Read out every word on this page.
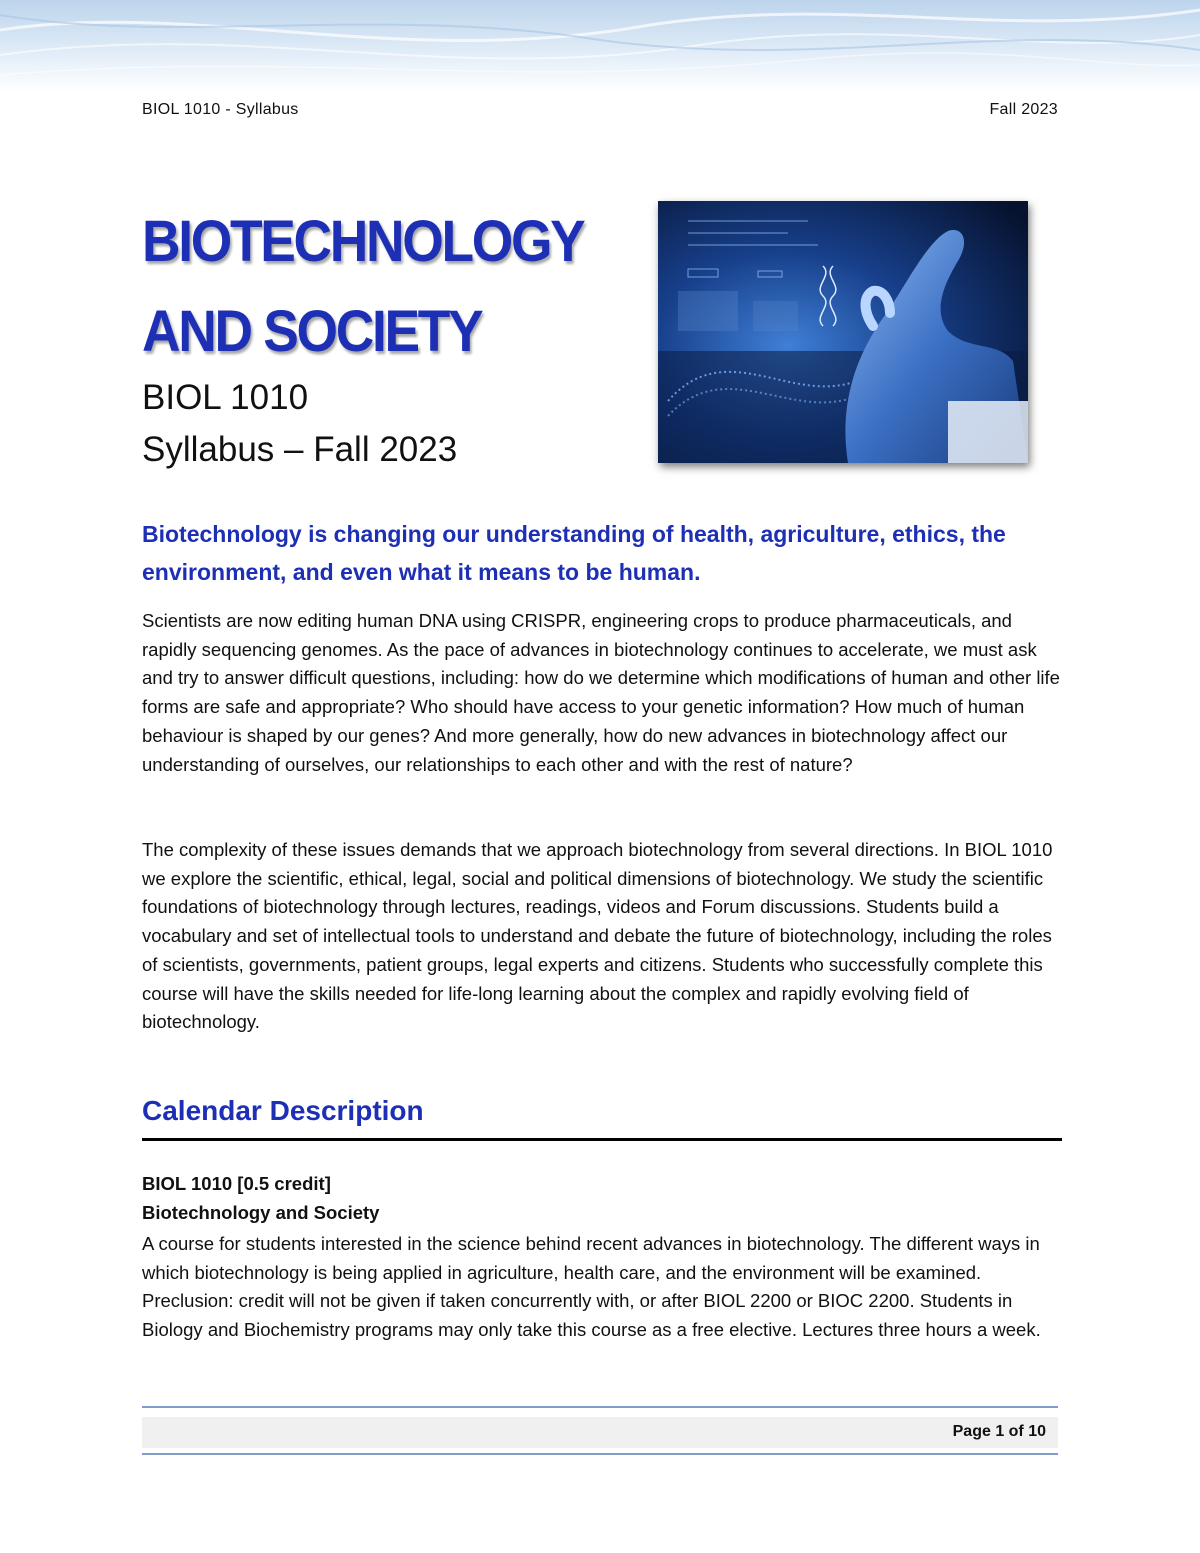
BIOL 1010 - Syllabus	Fall 2023
BIOTECHNOLOGY
AND SOCIETY
BIOL 1010
Syllabus – Fall 2023

Biotechnology is changing our understanding of health, agriculture, ethics, the environment, and even what it means to be human.

Scientists are now editing human DNA using CRISPR, engineering crops to produce pharmaceuticals, and rapidly sequencing genomes. As the pace of advances in biotechnology continues to accelerate, we must ask and try to answer difficult questions, including: how do we determine which modifications of human and other life forms are safe and appropriate? Who should have access to your genetic information? How much of human behaviour is shaped by our genes? And more generally, how do new advances in biotechnology affect our understanding of ourselves, our relationships to each other and with the rest of nature?

The complexity of these issues demands that we approach biotechnology from several directions. In BIOL 1010 we explore the scientific, ethical, legal, social and political dimensions of biotechnology. We study the scientific foundations of biotechnology through lectures, readings, videos and Forum discussions. Students build a vocabulary and set of intellectual tools to understand and debate the future of biotechnology, including the roles of scientists, governments, patient groups, legal experts and citizens. Students who successfully complete this course will have the skills needed for life-long learning about the complex and rapidly evolving field of biotechnology.

Calendar Description
BIOL 1010 [0.5 credit]
Biotechnology and Society

A course for students interested in the science behind recent advances in biotechnology. The different ways in which biotechnology is being applied in agriculture, health care, and the environment will be examined. Preclusion: credit will not be given if taken concurrently with, or after BIOL 2200 or BIOC 2200. Students in Biology and Biochemistry programs may only take this course as a free elective. Lectures three hours a week.

Page 1 of 10
